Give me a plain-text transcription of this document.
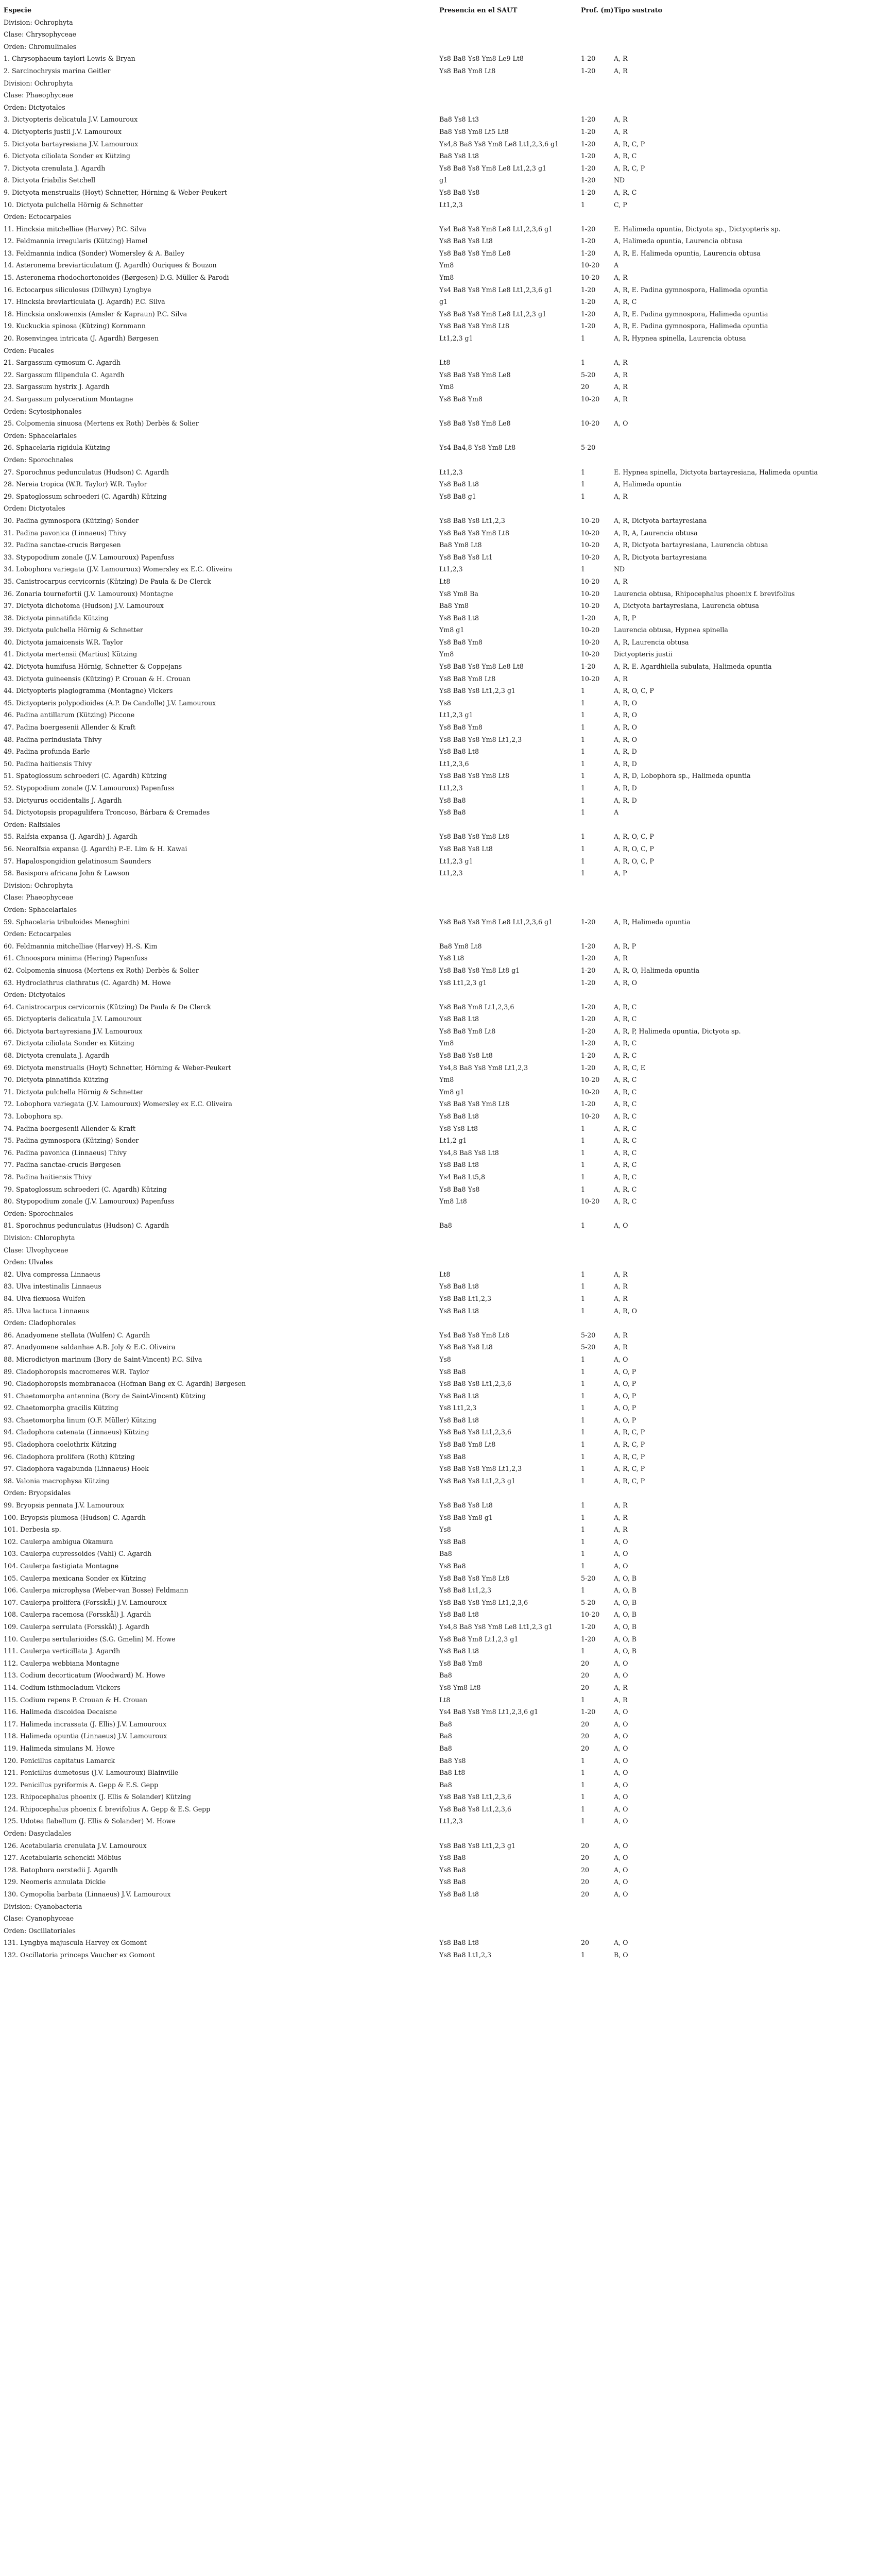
Especie	Presencia en el SAUT	Prof. (m) Tipo sustrato
Division: Ochrophyta
Clase: Chrysophyceae
Orden: Chromulinales
1. Chrysophaeum taylori Lewis & Bryan	Ys8 Ba8 Ys8 Ym8 Le9 Lt8	1-20	A, R
2. Sarcinochrysis marina Geitler	Ys8 Ba8 Ym8 Lt8	1-20	A, R
Division: Ochrophyta
Clase: Phaeophyceae
Orden: Dictyotales
3. Dictyopteris delicatula J.V. Lamouroux	Ba8 Ys8 Lt3	1-20	A, R
4. Dictyopteris justii J.V. Lamouroux	Ba8 Ys8 Ym8 Lt5 Lt8	1-20	A, R
5. Dictyota bartayresiana J.V. Lamouroux	Ys4,8 Ba8 Ys8 Ym8 Le8 Lt1,2,3,6 g1	1-20	A, R, C, P
6. Dictyota ciliolata Sonder ex Kützing	Ba8 Ys8 Lt8	1-20	A, R, C
7. Dictyota crenulata J. Agardh	Ys8 Ba8 Ys8 Ym8 Le8 Lt1,2,3 g1	1-20	A, R, C, P
8. Dictyota friabilis Setchell	g1	1-20	ND
9. Dictyota menstrualis (Hoyt) Schnetter, Hörning & Weber-Peukert	Ys8 Ba8 Ys8	1-20	A, R, C
10. Dictyota pulchella Hörnig & Schnetter	Lt1,2,3	1	C, P
Orden: Ectocarpales
11. Hincksia mitchelliae (Harvey) P.C. Silva	Ys4 Ba8 Ys8 Ym8 Le8 Lt1,2,3,6 g1	1-20	E. Halimeda opuntia, Dictyota sp., Dictyopteris sp.
12. Feldmannia irregularis (Kützing) Hamel	Ys8 Ba8 Ys8 Lt8	1-20	A, Halimeda opuntia, Laurencia obtusa
13. Feldmannia indica (Sonder) Womersley & A. Bailey	Ys8 Ba8 Ys8 Ym8 Le8	1-20	A, R, E. Halimeda opuntia, Laurencia obtusa
14. Asteronema breviarticulatum (J. Agardh) Ouriques & Bouzon	Ym8	10-20	A
15. Asteronema rhodochortonoides (Børgesen) D.G. Müller & Parodi	Ym8	10-20	A, R
16. Ectocarpus siliculosus (Dillwyn) Lyngbye	Ys4 Ba8 Ys8 Ym8 Le8 Lt1,2,3,6 g1	1-20	A, R, E. Padina gymnospora, Halimeda opuntia
17. Hincksia breviarticulata (J. Agardh) P.C. Silva	g1	1-20	A, R, C
18. Hincksia onslowensis (Amsler & Kapraun) P.C. Silva	Ys8 Ba8 Ys8 Ym8 Le8 Lt1,2,3 g1	1-20	A, R, E. Padina gymnospora, Halimeda opuntia
19. Kuckuckia spinosa (Kützing) Kornmann	Ys8 Ba8 Ys8 Ym8 Lt8	1-20	A, R, E. Padina gymnospora, Halimeda opuntia
20. Rosenvingea intricata (J. Agardh) Børgesen	Lt1,2,3 g1	1	A, R, Hypnea spinella, Laurencia obtusa
Orden: Fucales
21. Sargassum cymosum C. Agardh	Lt8	1	A, R
22. Sargassum filipendula C. Agardh	Ys8 Ba8 Ys8 Ym8 Le8	5-20	A, R
23. Sargassum hystrix J. Agardh	Ym8	20	A, R
24. Sargassum polyceratium Montagne	Ys8 Ba8 Ym8	10-20	A, R
Orden: Scytosiphonales
25. Colpomenia sinuosa (Mertens ex Roth) Derbès & Solier	Ys8 Ba8 Ys8 Ym8 Le8	10-20	A, O
Orden: Sphacelariales
26. Sphacelaria rigidula Kützing	Ys4 Ba4,8 Ys8 Ym8 Lt8	5-20
Orden: Sporochnales
27. Sporochnus pedunculatus (Hudson) C. Agardh	Lt1,2,3	1	E. Hypnea spinella, Dictyota bartayresiana, Halimeda opuntia
28. Nereia tropica (W.R. Taylor) W.R. Taylor	Ys8 Ba8 Lt8	1	A, Halimeda opuntia
29. Spatoglossum schroederi (C. Agardh) Kützing	Ys8 Ba8 g1	1	A, R
Orden: Dictyotales
30. Padina gymnospora (Kützing) Sonder	Ys8 Ba8 Ys8 Lt1,2,3	10-20	A, R, Dictyota bartayresiana
31. Padina pavonica (Linnaeus) Thivy	Ys8 Ba8 Ys8 Ym8 Lt8	10-20	A, R, A, Laurencia obtusa
32. Padina sanctae-crucis Børgesen	Ba8 Ym8 Lt8	10-20	A, R, Dictyota bartayresiana, Laurencia obtusa
33. Stypopodium zonale (J.V. Lamouroux) Papenfuss	Ys8 Ba8 Ys8 Lt1	10-20	A, R, Dictyota bartayresiana
34. Lobophora variegata (J.V. Lamouroux) Womersley ex E.C. Oliveira	Lt1,2,3	1	ND
35. Canistrocarpus cervicornis (Kützing) De Paula & De Clerck	Lt8	10-20	A, R
36. Zonaria tournefortii (J.V. Lamouroux) Montagne	Ys8 Ym8 Ba	10-20	Laurencia obtusa, Rhipocephalus phoenix f. brevifolius
37. Dictyota dichotoma (Hudson) J.V. Lamouroux	Ba8 Ym8	10-20	A, Dictyota bartayresiana, Laurencia obtusa
38. Dictyota pinnatifida Kützing	Ys8 Ba8 Lt8	1-20	A, R, P
39. Dictyota pulchella Hörnig & Schnetter	Ym8 g1	10-20	Laurencia obtusa, Hypnea spinella
40. Dictyota jamaicensis W.R. Taylor	Ys8 Ba8 Ym8	10-20	A, R, Laurencia obtusa
41. Dictyota mertensii (Martius) Kützing	Ym8	10-20	Dictyopteris justii
42. Dictyota humifusa Hörnig, Schnetter & Coppejans	Ys8 Ba8 Ys8 Ym8 Le8 Lt8	1-20	A, R, E. Agardhiella subulata, Halimeda opuntia
43. Dictyota guineensis (Kützing) P. Crouan & H. Crouan	Ys8 Ba8 Ym8 Lt8	10-20	A, R
44. Dictyopteris plagiogramma (Montagne) Vickers	Ys8 Ba8 Ys8 Lt1,2,3 g1	1	A, R, O, C, P
45. Dictyopteris polypodioides (A.P. De Candolle) J.V. Lamouroux	Ys8	1	A, R, O
46. Padina antillarum (Kützing) Piccone	Lt1,2,3 g1	1	A, R, O
47. Padina boergesenii Allender & Kraft	Ys8 Ba8 Ym8	1	A, R, O
48. Padina perindusiata Thivy	Ys8 Ba8 Ys8 Ym8 Lt1,2,3	1	A, R, O
49. Padina profunda Earle	Ys8 Ba8 Lt8	1	A, R, D
50. Padina haitiensis Thivy	Lt1,2,3,6	1	A, R, D
51. Spatoglossum schroederi (C. Agardh) Kützing	Ys8 Ba8 Ys8 Ym8 Lt8	1	A, R, D, Lobophora sp., Halimeda opuntia
52. Stypopodium zonale (J.V. Lamouroux) Papenfuss	Lt1,2,3	1	A, R, D
53. Dictyurus occidentalis J. Agardh	Ys8 Ba8	1	A, R, D
54. Dictyotopsis propagulifera Troncoso, Bárbara & Cremades	Ys8 Ba8	1	A
Orden: Ralfsiales
55. Ralfsia expansa (J. Agardh) J. Agardh	Ys8 Ba8 Ys8 Ym8 Lt8	1	A, R, O, C, P
56. Neoralfsia expansa (J. Agardh) P.-E. Lim & H. Kawai	Ys8 Ba8 Ys8 Lt8	1	A, R, O, C, P
57. Hapalospongidion gelatinosum Saunders	Lt1,2,3 g1	1	A, R, O, C, P
58. Basispora africana John & Lawson	Lt1,2,3	1	A, P
Division: Ochrophyta
Clase: Phaeophyceae
Orden: Sphacelariales
59. Sphacelaria tribuloides Meneghini	Ys8 Ba8 Ys8 Ym8 Le8 Lt1,2,3,6 g1	1-20	A, R, Halimeda opuntia
Orden: Ectocarpales
60. Feldmannia mitchelliae (Harvey) H.-S. Kim	Ba8 Ym8 Lt8	1-20	A, R, P
61. Chnoospora minima (Hering) Papenfuss	Ys8 Lt8	1-20	A, R
62. Colpomenia sinuosa (Mertens ex Roth) Derbès & Solier	Ys8 Ba8 Ys8 Ym8 Lt8 g1	1-20	A, R, O, Halimeda opuntia
63. Hydroclathrus clathratus (C. Agardh) M. Howe	Ys8 Lt1,2,3 g1	1-20	A, R, O
Orden: Dictyotales
64. Canistrocarpus cervicornis (Kützing) De Paula & De Clerck	Ys8 Ba8 Ym8 Lt1,2,3,6	1-20	A, R, C
65. Dictyopteris delicatula J.V. Lamouroux	Ys8 Ba8 Lt8	1-20	A, R, C
66. Dictyota bartayresiana J.V. Lamouroux	Ys8 Ba8 Ym8 Lt8	1-20	A, R, P, Halimeda opuntia, Dictyota sp.
67. Dictyota ciliolata Sonder ex Kützing	Ym8	1-20	A, R, C
68. Dictyota crenulata J. Agardh	Ys8 Ba8 Ys8 Lt8	1-20	A, R, C
69. Dictyota menstrualis (Hoyt) Schnetter, Hörning & Weber-Peukert	Ys4,8 Ba8 Ys8 Ym8 Lt1,2,3	1-20	A, R, C, E
70. Dictyota pinnatifida Kützing	Ym8	10-20	A, R, C
71. Dictyota pulchella Hörnig & Schnetter	Ym8 g1	10-20	A, R, C
72. Lobophora variegata (J.V. Lamouroux) Womersley ex E.C. Oliveira	Ys8 Ba8 Ys8 Ym8 Lt8	1-20	A, R, C
73. Lobophora sp.	Ys8 Ba8 Lt8	10-20	A, R, C
74. Padina boergesenii Allender & Kraft	Ys8 Ys8 Lt8	1	A, R, C
75. Padina gymnospora (Kützing) Sonder	Lt1,2 g1	1	A, R, C
76. Padina pavonica (Linnaeus) Thivy	Ys4,8 Ba8 Ys8 Lt8	1	A, R, C
77. Padina sanctae-crucis Børgesen	Ys8 Ba8 Lt8	1	A, R, C
78. Padina haitiensis Thivy	Ys4 Ba8 Lt5,8	1	A, R, C
79. Spatoglossum schroederi (C. Agardh) Kützing	Ys8 Ba8 Ys8	1	A, R, C
80. Stypopodium zonale (J.V. Lamouroux) Papenfuss	Ym8 Lt8	10-20	A, R, C
Orden: Sporochnales
81. Sporochnus pedunculatus (Hudson) C. Agardh	Ba8	1	A, O
Division: Chlorophyta
Clase: Ulvophyceae
Orden: Ulvales
82. Ulva compressa Linnaeus	Lt8	1	A, R
83. Ulva intestinalis Linnaeus	Ys8 Ba8 Lt8	1	A, R
84. Ulva flexuosa Wulfen	Ys8 Ba8 Lt1,2,3	1	A, R
85. Ulva lactuca Linnaeus	Ys8 Ba8 Lt8	1	A, R, O
Orden: Cladophorales
86. Anadyomene stellata (Wulfen) C. Agardh	Ys4 Ba8 Ys8 Ym8 Lt8	5-20	A, R
87. Anadyomene saldanhae A.B. Joly & E.C. Oliveira	Ys8 Ba8 Ys8 Lt8	5-20	A, R
88. Microdictyon marinum (Bory de Saint-Vincent) P.C. Silva	Ys8	1	A, O
89. Cladophoropsis macromeres W.R. Taylor	Ys8 Ba8	1	A, O, P
90. Cladophoropsis membranacea (Hofman Bang ex C. Agardh) Børgesen	Ys8 Ba8 Ys8 Lt1,2,3,6	1	A, O, P
91. Chaetomorpha antennina (Bory de Saint-Vincent) Kützing	Ys8 Ba8 Lt8	1	A, O, P
92. Chaetomorpha gracilis Kützing	Ys8 Lt1,2,3	1	A, O, P
93. Chaetomorpha linum (O.F. Müller) Kützing	Ys8 Ba8 Lt8	1	A, O, P
94. Cladophora catenata (Linnaeus) Kützing	Ys8 Ba8 Ys8 Lt1,2,3,6	1	A, R, C, P
95. Cladophora coelothrix Kützing	Ys8 Ba8 Ym8 Lt8	1	A, R, C, P
96. Cladophora prolifera (Roth) Kützing	Ys8 Ba8	1	A, R, C, P
97. Cladophora vagabunda (Linnaeus) Hoek	Ys8 Ba8 Ys8 Ym8 Lt1,2,3	1	A, R, C, P
98. Valonia macrophysa Kützing	Ys8 Ba8 Ys8 Lt1,2,3 g1	1	A, R, C, P
Orden: Bryopsidales
99. Bryopsis pennata J.V. Lamouroux	Ys8 Ba8 Ys8 Lt8	1	A, R
100. Bryopsis plumosa (Hudson) C. Agardh	Ys8 Ba8 Ym8 g1	1	A, R
101. Derbesia sp.	Ys8	1	A, R
102. Caulerpa ambigua Okamura	Ys8 Ba8	1	A, O
103. Caulerpa cupressoides (Vahl) C. Agardh	Ba8	1	A, O
104. Caulerpa fastigiata Montagne	Ys8 Ba8	1	A, O
105. Caulerpa mexicana Sonder ex Kützing	Ys8 Ba8 Ys8 Ym8 Lt8	5-20	A, O, B
106. Caulerpa microphysa (Weber-van Bosse) Feldmann	Ys8 Ba8 Lt1,2,3	1	A, O, B
107. Caulerpa prolifera (Forsskål) J.V. Lamouroux	Ys8 Ba8 Ys8 Ym8 Lt1,2,3,6	5-20	A, O, B
108. Caulerpa racemosa (Forsskål) J. Agardh	Ys8 Ba8 Lt8	10-20	A, O, B
109. Caulerpa serrulata (Forsskål) J. Agardh	Ys4,8 Ba8 Ys8 Ym8 Le8 Lt1,2,3 g1	1-20	A, O, B
110. Caulerpa sertularioides (S.G. Gmelin) M. Howe	Ys8 Ba8 Ym8 Lt1,2,3 g1	1-20	A, O, B
111. Caulerpa verticillata J. Agardh	Ys8 Ba8 Lt8	1	A, O, B
112. Caulerpa webbiana Montagne	Ys8 Ba8 Ym8	20	A, O
113. Codium decorticatum (Woodward) M. Howe	Ba8	20	A, O
114. Codium isthmocladum Vickers	Ys8 Ym8 Lt8	20	A, R
115. Codium repens P. Crouan & H. Crouan	Lt8	1	A, R
116. Halimeda discoidea Decaisne	Ys4 Ba8 Ys8 Ym8 Lt1,2,3,6 g1	1-20	A, O
117. Halimeda incrassata (J. Ellis) J.V. Lamouroux	Ba8	20	A, O
118. Halimeda opuntia (Linnaeus) J.V. Lamouroux	Ba8	20	A, O
119. Halimeda simulans M. Howe	Ba8	20	A, O
120. Penicillus capitatus Lamarck	Ba8 Ys8	1	A, O
121. Penicillus dumetosus (J.V. Lamouroux) Blainville	Ba8 Lt8	1	A, O
122. Penicillus pyriformis A. Gepp & E.S. Gepp	Ba8	1	A, O
123. Rhipocephalus phoenix (J. Ellis & Solander) Kützing	Ys8 Ba8 Ys8 Lt1,2,3,6	1	A, O
124. Rhipocephalus phoenix f. brevifolius A. Gepp & E.S. Gepp	Ys8 Ba8 Ys8 Lt1,2,3,6	1	A, O
125. Udotea flabellum (J. Ellis & Solander) M. Howe	Lt1,2,3	1	A, O
Orden: Dasycladales
126. Acetabularia crenulata J.V. Lamouroux	Ys8 Ba8 Ys8 Lt1,2,3 g1	20	A, O
127. Acetabularia schenckii Möbius	Ys8 Ba8	20	A, O
128. Batophora oerstedii J. Agardh	Ys8 Ba8	20	A, O
129. Neomeris annulata Dickie	Ys8 Ba8	20	A, O
130. Cymopolia barbata (Linnaeus) J.V. Lamouroux	Ys8 Ba8 Lt8	20	A, O
Division: Cyanobacteria
Clase: Cyanophyceae
Orden: Oscillatoriales
131. Lyngbya majuscula Harvey ex Gomont	Ys8 Ba8 Lt8	20	A, O
132. Oscillatoria princeps Vaucher ex Gomont	Ys8 Ba8 Lt1,2,3	1	B, O
